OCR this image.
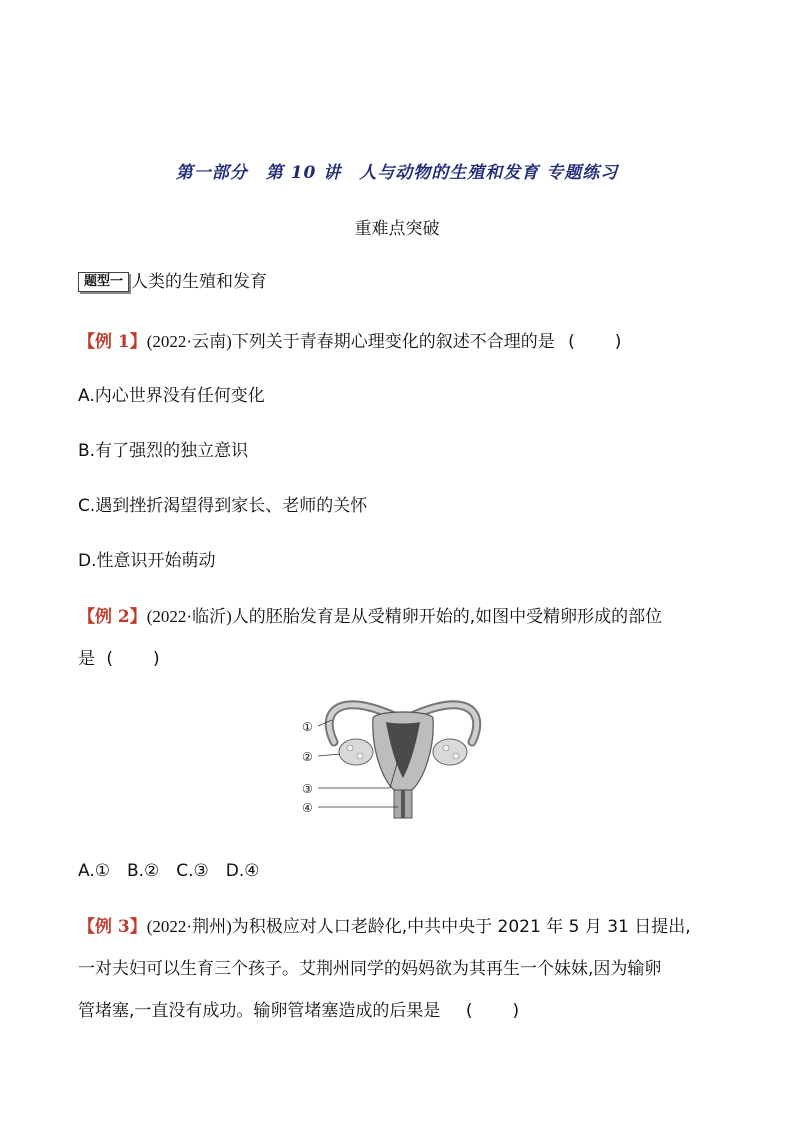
第一部分　第 10 讲　人与动物的生殖和发育 专题练习
重难点突破
题型一 人类的生殖和发育
【例 1】(2022·云南)下列关于青春期心理变化的叙述不合理的是 ( )
A.内心世界没有任何变化
B.有了强烈的独立意识
C.遇到挫折渴望得到家长、老师的关怀
D.性意识开始萌动
【例 2】(2022·临沂)人的胚胎发育是从受精卵开始的,如图中受精卵形成的部位
是 ( )
①
②
③
④
A.①　B.②　C.③　D.④
【例 3】(2022·荆州)为积极应对人口老龄化,中共中央于 2021 年 5 月 31 日提出,
一对夫妇可以生育三个孩子。艾荆州同学的妈妈欲为其再生一个妹妹,因为输卵
管堵塞,一直没有成功。输卵管堵塞造成的后果是 ( )
